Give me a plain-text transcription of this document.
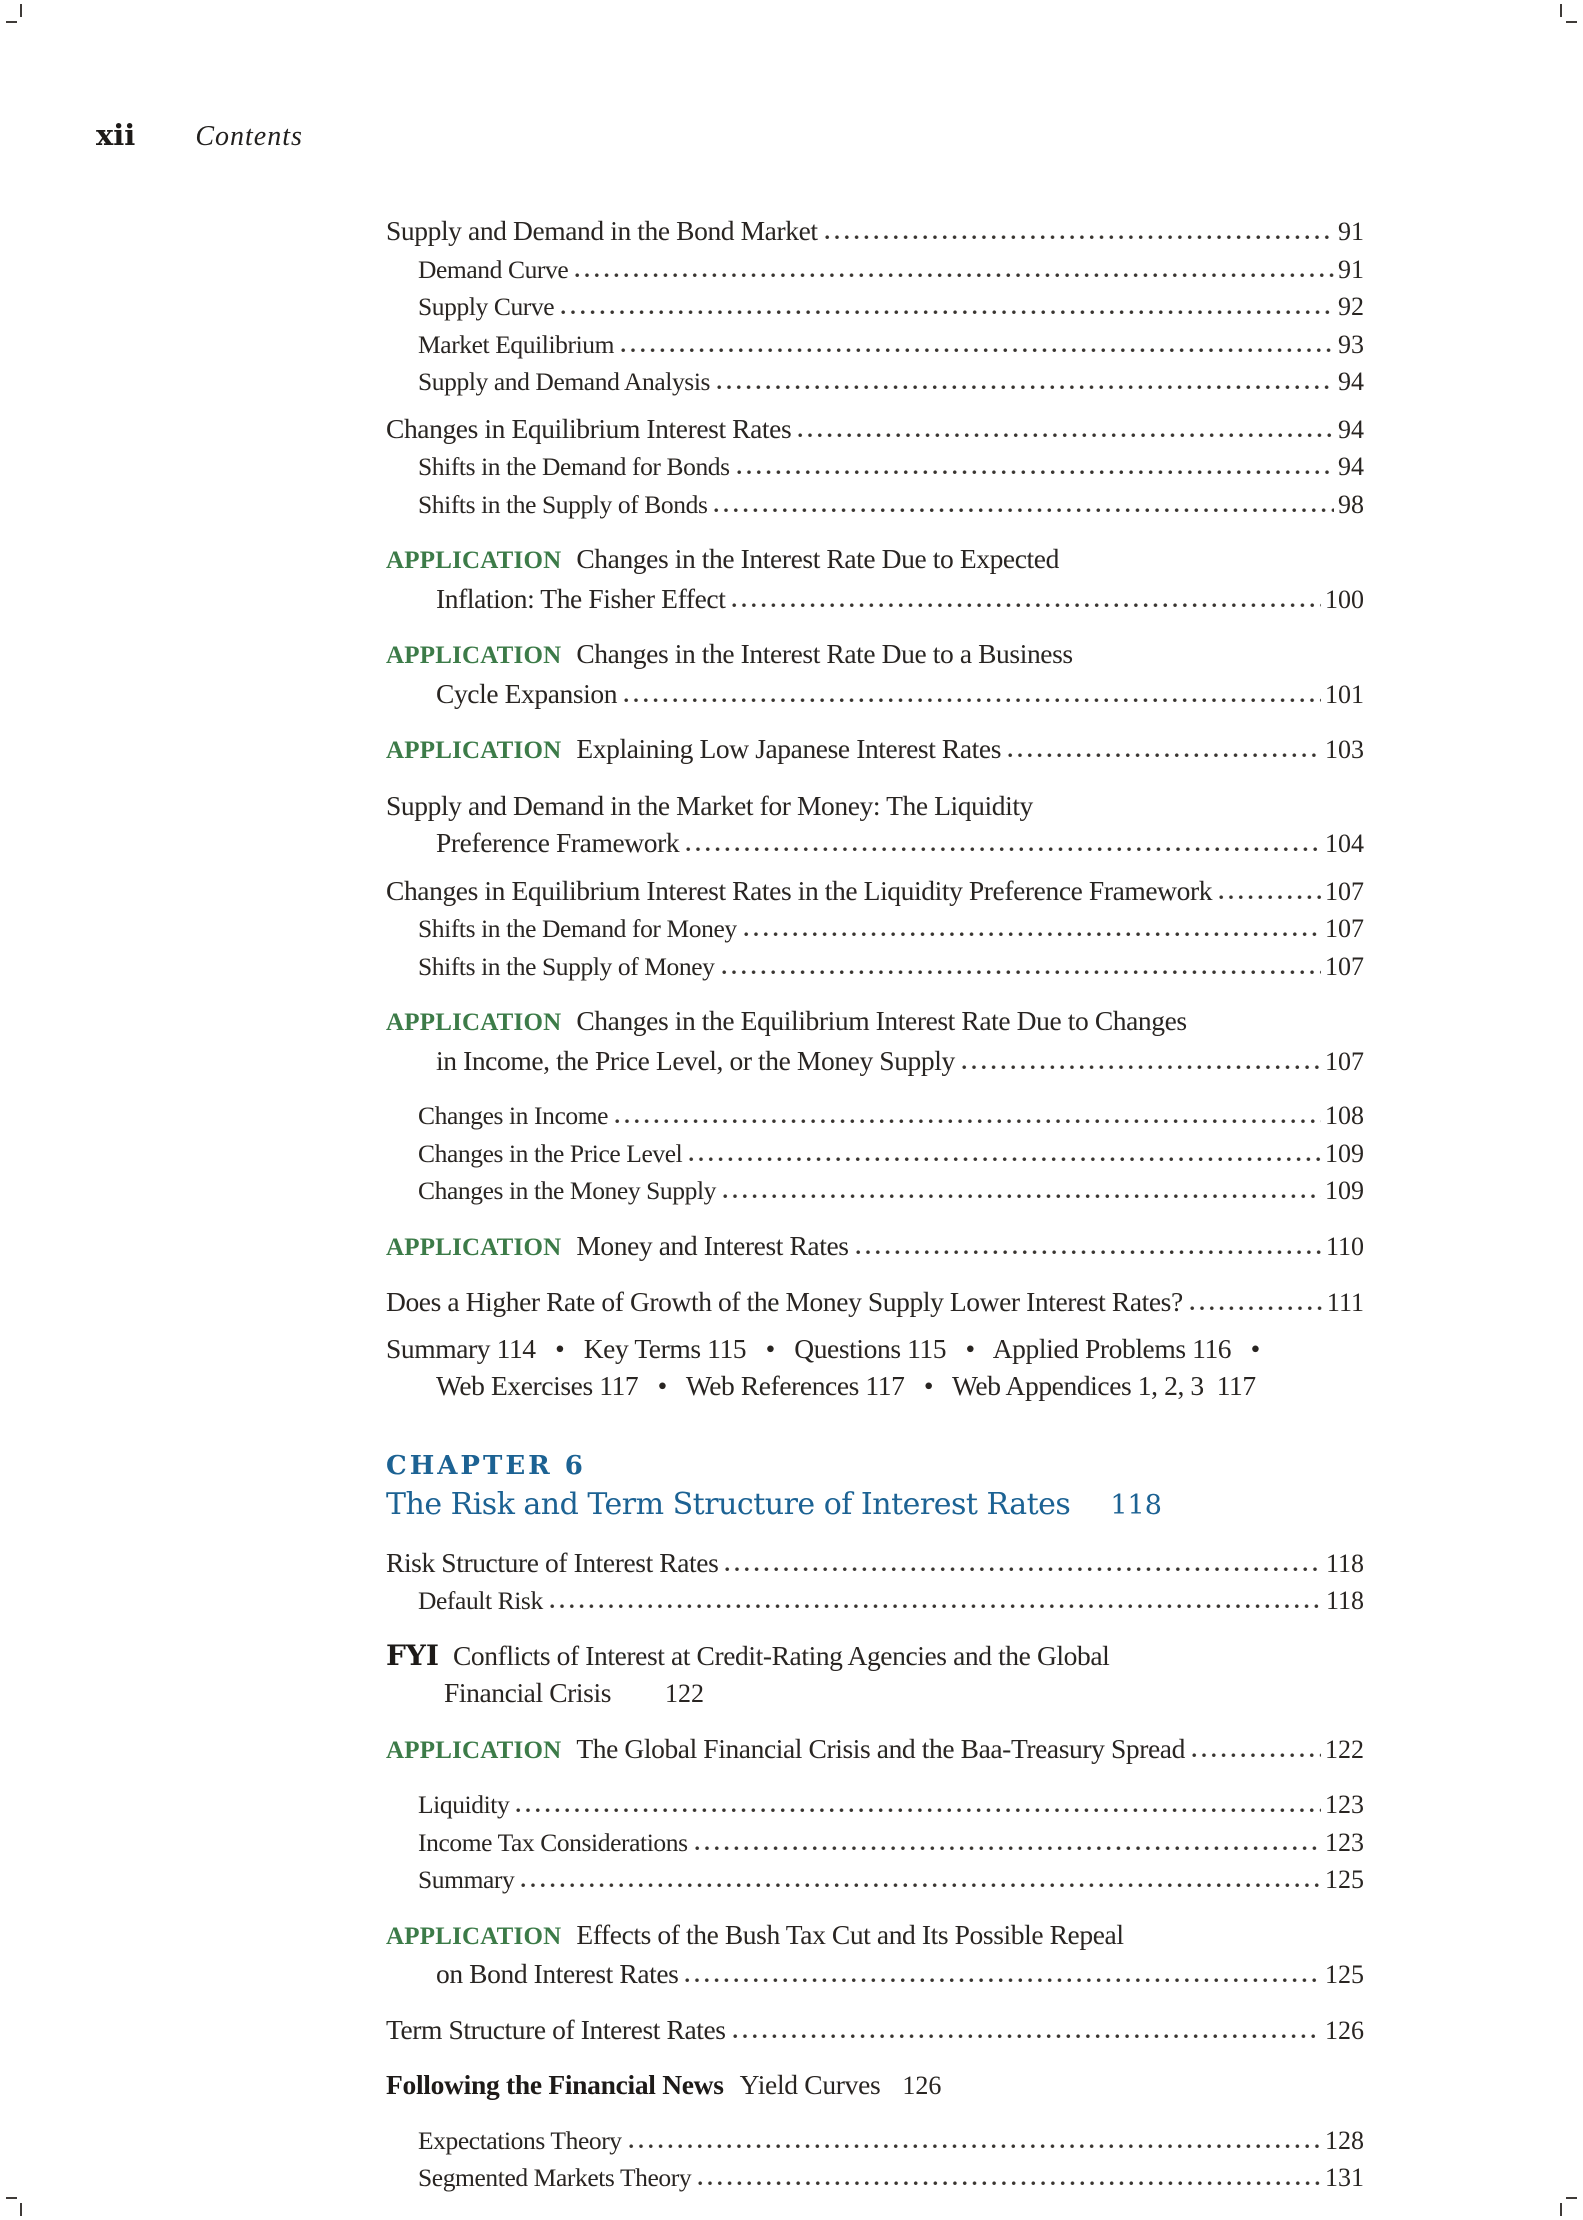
xii Contents
Supply and Demand in the Bond Market	91
Demand Curve	91
Supply Curve	92
Market Equilibrium	93
Supply and Demand Analysis	94
Changes in Equilibrium Interest Rates	94
Shifts in the Demand for Bonds	94
Shifts in the Supply of Bonds	98
APPLICATION Changes in the Interest Rate Due to Expected
Inflation: The Fisher Effect	100
APPLICATION Changes in the Interest Rate Due to a Business
Cycle Expansion	101
APPLICATION Explaining Low Japanese Interest Rates	103
Supply and Demand in the Market for Money: The Liquidity
Preference Framework	104
Changes in Equilibrium Interest Rates in the Liquidity Preference Framework	107
Shifts in the Demand for Money	107
Shifts in the Supply of Money	107
APPLICATION Changes in the Equilibrium Interest Rate Due to Changes
in Income, the Price Level, or the Money Supply	107
Changes in Income	108
Changes in the Price Level	109
Changes in the Money Supply	109
APPLICATION Money and Interest Rates	110
Does a Higher Rate of Growth of the Money Supply Lower Interest Rates?	111
Summary 114   •   Key Terms 115   •   Questions 115   •   Applied Problems 116   •
Web Exercises 117   •   Web References 117   •   Web Appendices 1, 2, 3  117
CHAPTER 6
The Risk and Term Structure of Interest Rates 118
Risk Structure of Interest Rates	118
Default Risk	118
FYI Conflicts of Interest at Credit-Rating Agencies and the Global
Financial Crisis 122
APPLICATION The Global Financial Crisis and the Baa-Treasury Spread	122
Liquidity	123
Income Tax Considerations	123
Summary	125
APPLICATION Effects of the Bush Tax Cut and Its Possible Repeal
on Bond Interest Rates	125
Term Structure of Interest Rates	126
Following the Financial News Yield Curves 126
Expectations Theory	128
Segmented Markets Theory	131
